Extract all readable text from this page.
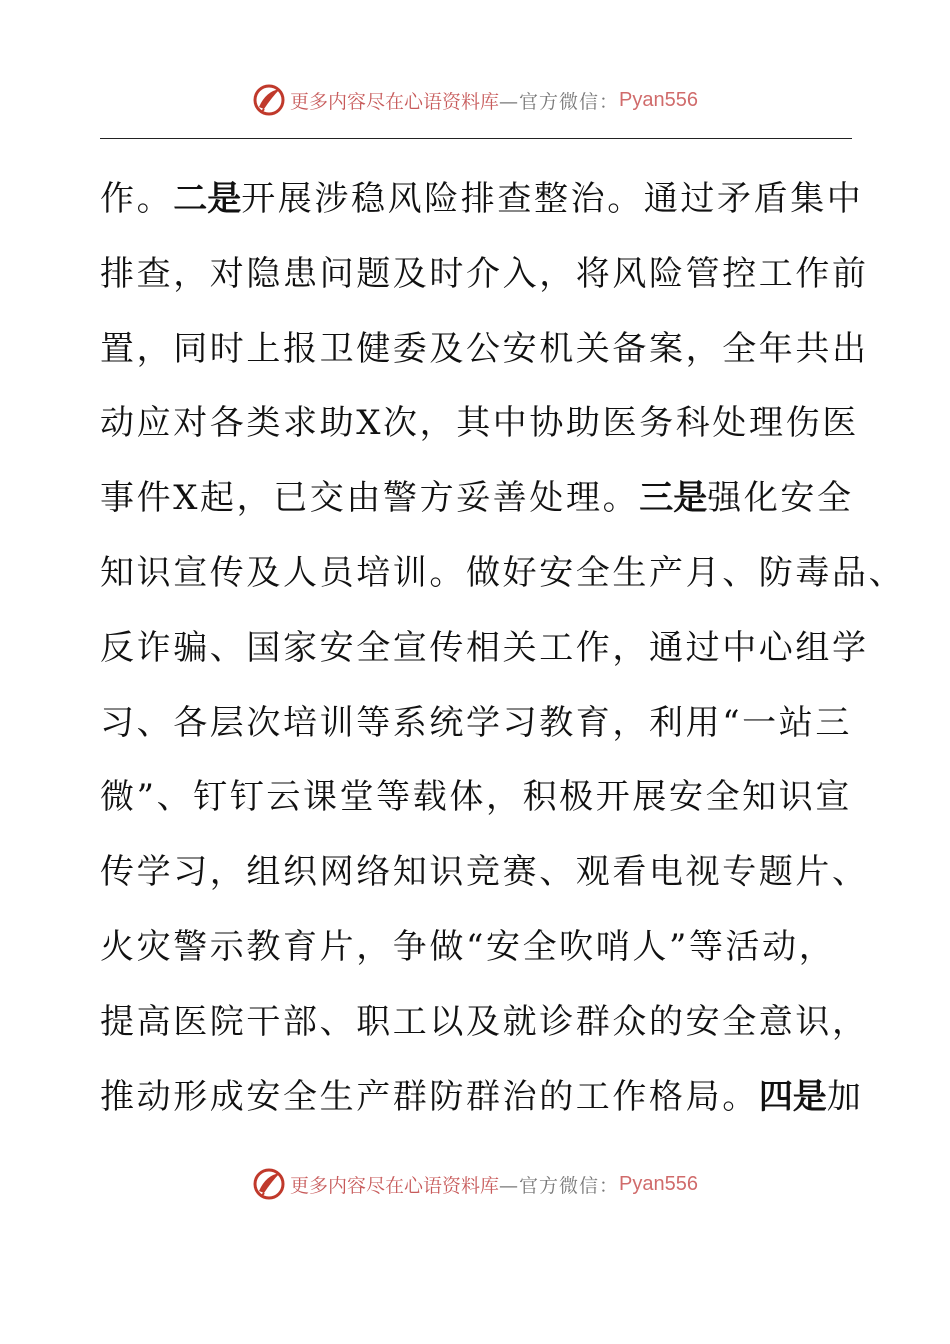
更多内容尽在心语资料库 —官方微信： Pyan556
作。二是开展涉稳风险排查整治。通过矛盾集中
排查，对隐患问题及时介入，将风险管控工作前
置，同时上报卫健委及公安机关备案，全年共出
动应对各类求助X次，其中协助医务科处理伤医
事件X起，已交由警方妥善处理。三是强化安全
知识宣传及人员培训。做好安全生产月、防毒品、
反诈骗、国家安全宣传相关工作，通过中心组学
习、各层次培训等系统学习教育，利用“一站三
微”、钉钉云课堂等载体，积极开展安全知识宣
传学习，组织网络知识竞赛、观看电视专题片、
火灾警示教育片，争做“安全吹哨人”等活动，
提高医院干部、职工以及就诊群众的安全意识，
推动形成安全生产群防群治的工作格局。四是加
更多内容尽在心语资料库 —官方微信： Pyan556
